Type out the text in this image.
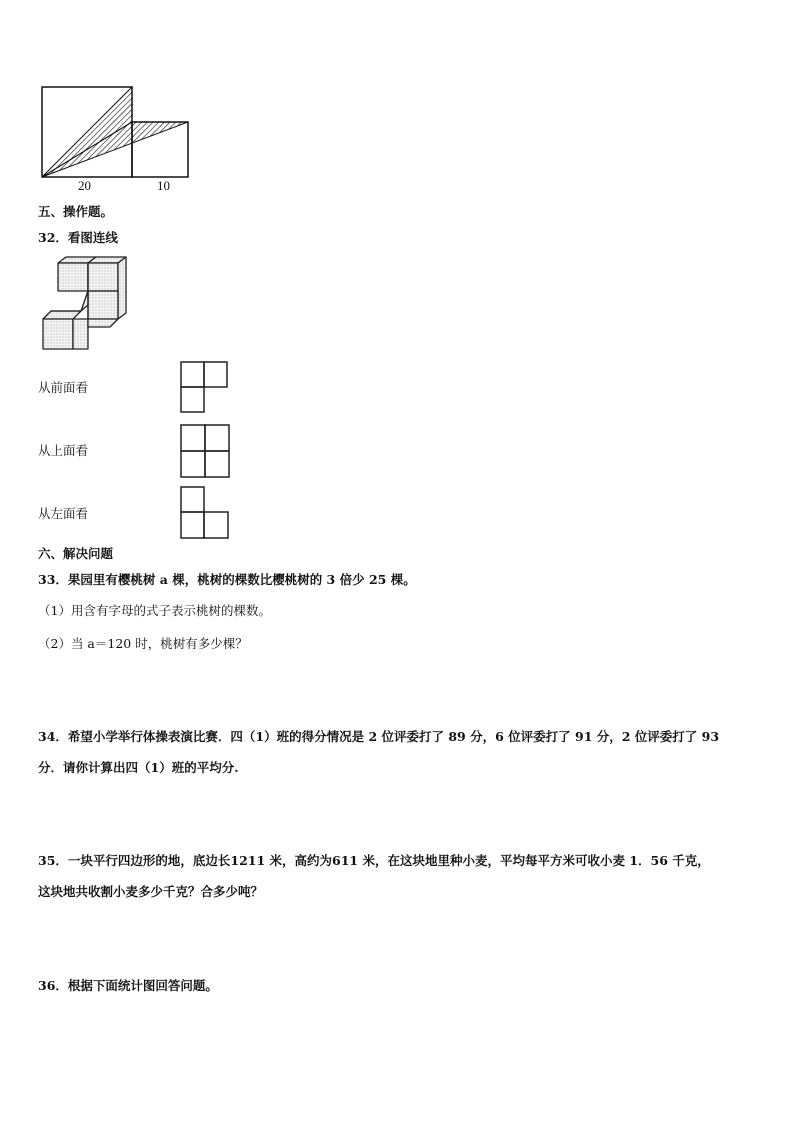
20	10
五、操作题。
32．看图连线
从前面看
从上面看
从左面看
六、解决问题
33．果园里有樱桃树 a 棵，桃树的棵数比樱桃树的 3 倍少 25 棵。
（1）用含有字母的式子表示桃树的棵数。
（2）当 a＝120 时，桃树有多少棵？
34．希望小学举行体操表演比赛．四（1）班的得分情况是 2 位评委打了 89 分，6 位评委打了 91 分，2 位评委打了 93
分．请你计算出四（1）班的平均分.
35．一块平行四边形的地，底边长1211 米，高约为611 米，在这块地里种小麦，平均每平方米可收小麦 1．56 千克，
这块地共收割小麦多少千克？合多少吨？
36．根据下面统计图回答问题。
